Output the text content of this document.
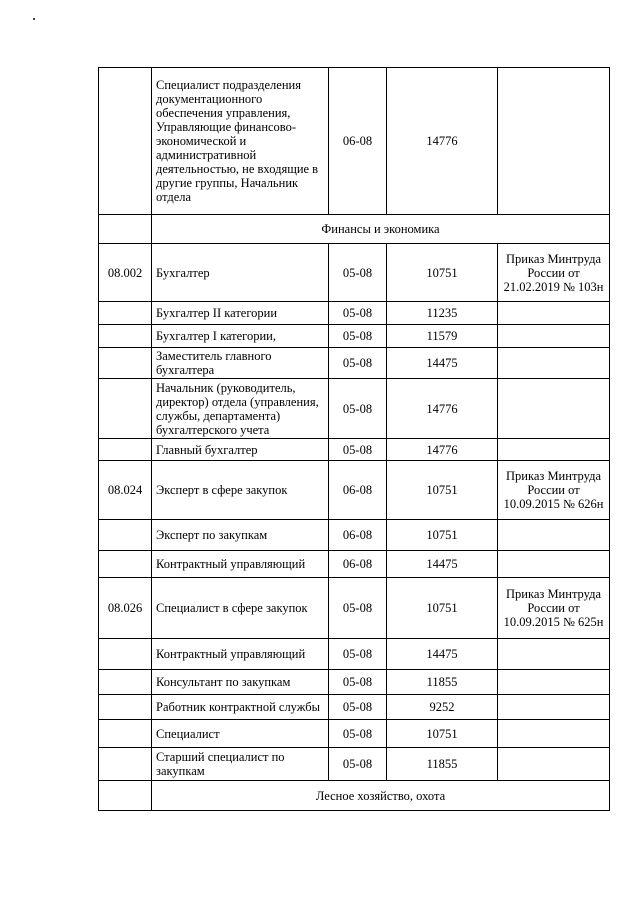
	Специалист подразделения документационного обеспечения управления, Управляющие финансово-экономической и административной деятельностью, не входящие в другие группы, Начальник отдела	06-08	14776	
	Финансы и экономика			
08.002	Бухгалтер	05-08	10751	Приказ Минтруда России от 21.02.2019 № 103н
	Бухгалтер II категории	05-08	11235	
	Бухгалтер I категории,	05-08	11579	
	Заместитель главного бухгалтера	05-08	14475	
	Начальник (руководитель, директор) отдела (управления, службы, департамента) бухгалтерского учета	05-08	14776	
	Главный бухгалтер	05-08	14776	
08.024	Эксперт в сфере закупок	06-08	10751	Приказ Минтруда России от 10.09.2015 № 626н
	Эксперт по закупкам	06-08	10751	
	Контрактный управляющий	06-08	14475	
08.026	Специалист в сфере закупок	05-08	10751	Приказ Минтруда России от 10.09.2015 № 625н
	Контрактный управляющий	05-08	14475	
	Консультант по закупкам	05-08	11855	
	Работник контрактной службы	05-08	9252	
	Специалист	05-08	10751	
	Старший специалист по закупкам	05-08	11855	
	Лесное хозяйство, охота			
